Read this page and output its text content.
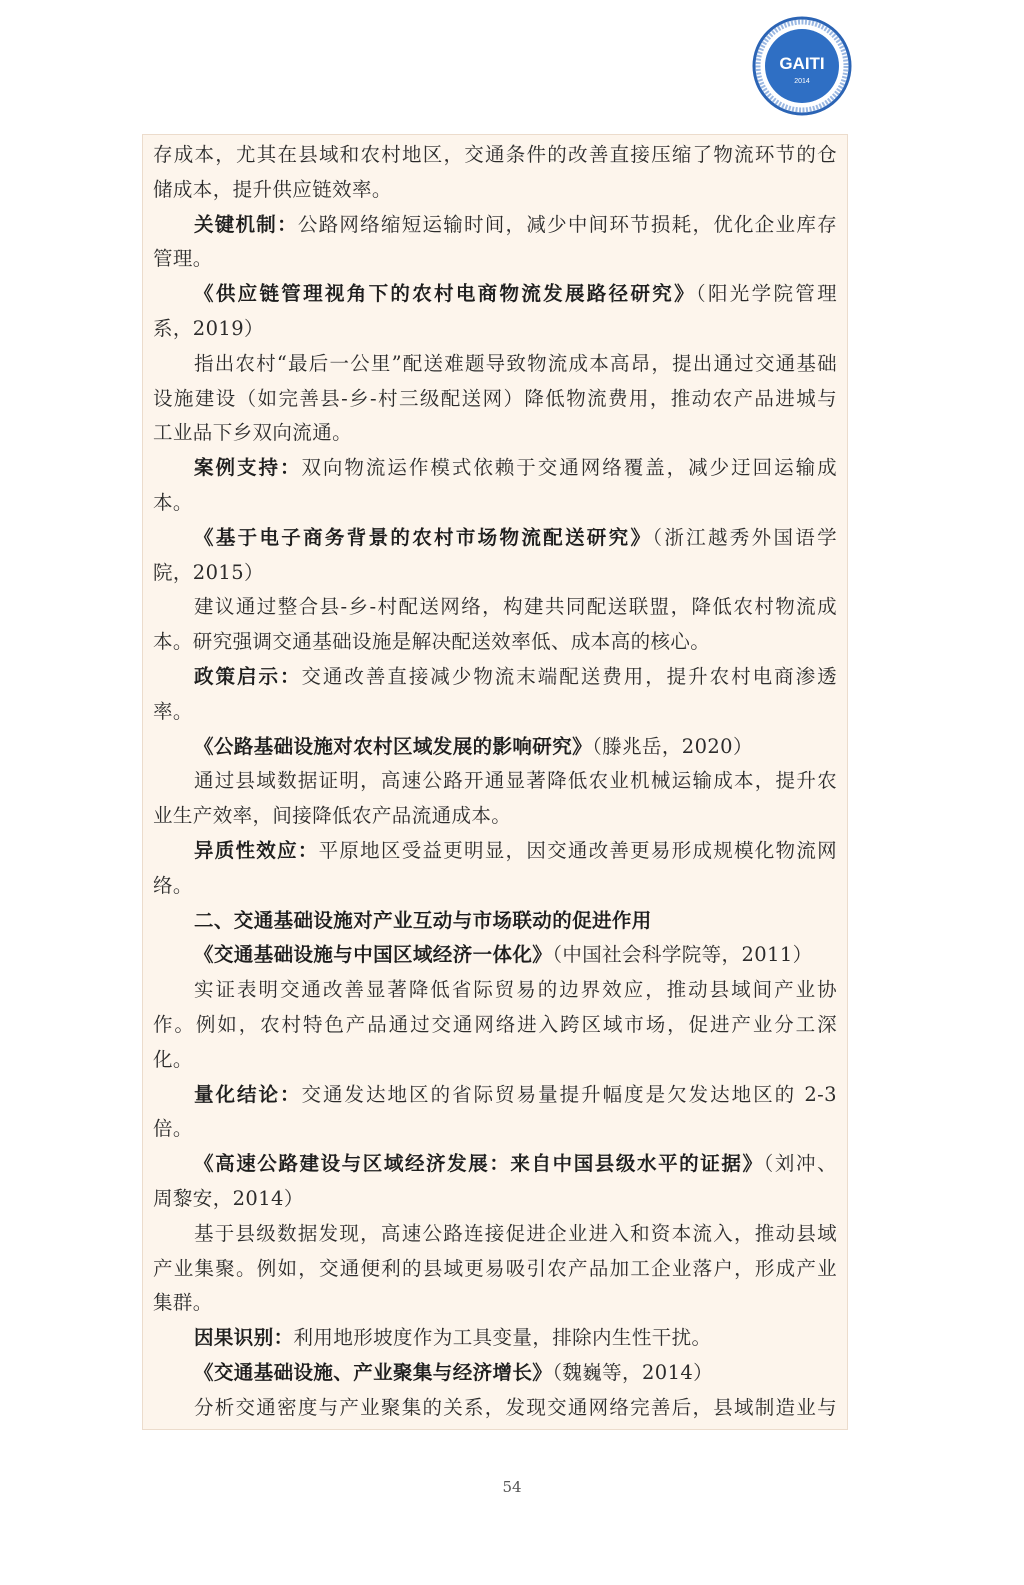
GAITI
2014
存成本，尤其在县域和农村地区，交通条件的改善直接压缩了物流环节的仓
储成本，提升供应链效率。
关键机制：公路网络缩短运输时间，减少中间环节损耗，优化企业库存
管理。
《供应链管理视角下的农村电商物流发展路径研究》（阳光学院管理
系，2019）
指出农村“最后一公里”配送难题导致物流成本高昂，提出通过交通基础
设施建设（如完善县-乡-村三级配送网）降低物流费用，推动农产品进城与
工业品下乡双向流通。
案例支持：双向物流运作模式依赖于交通网络覆盖，减少迂回运输成
本。
《基于电子商务背景的农村市场物流配送研究》（浙江越秀外国语学
院，2015）
建议通过整合县-乡-村配送网络，构建共同配送联盟，降低农村物流成
本。研究强调交通基础设施是解决配送效率低、成本高的核心。
政策启示：交通改善直接减少物流末端配送费用，提升农村电商渗透
率。
《公路基础设施对农村区域发展的影响研究》（滕兆岳，2020）
通过县域数据证明，高速公路开通显著降低农业机械运输成本，提升农
业生产效率，间接降低农产品流通成本。
异质性效应：平原地区受益更明显，因交通改善更易形成规模化物流网
络。
二、交通基础设施对产业互动与市场联动的促进作用
《交通基础设施与中国区域经济一体化》（中国社会科学院等，2011）
实证表明交通改善显著降低省际贸易的边界效应，推动县域间产业协
作。例如，农村特色产品通过交通网络进入跨区域市场，促进产业分工深
化。
量化结论：交通发达地区的省际贸易量提升幅度是欠发达地区的 2-3
倍。
《高速公路建设与区域经济发展：来自中国县级水平的证据》（刘冲、
周黎安，2014）
基于县级数据发现，高速公路连接促进企业进入和资本流入，推动县域
产业集聚。例如，交通便利的县域更易吸引农产品加工企业落户，形成产业
集群。
因果识别：利用地形坡度作为工具变量，排除内生性干扰。
《交通基础设施、产业聚集与经济增长》（魏巍等，2014）
分析交通密度与产业聚集的关系，发现交通网络完善后，县域制造业与
54
